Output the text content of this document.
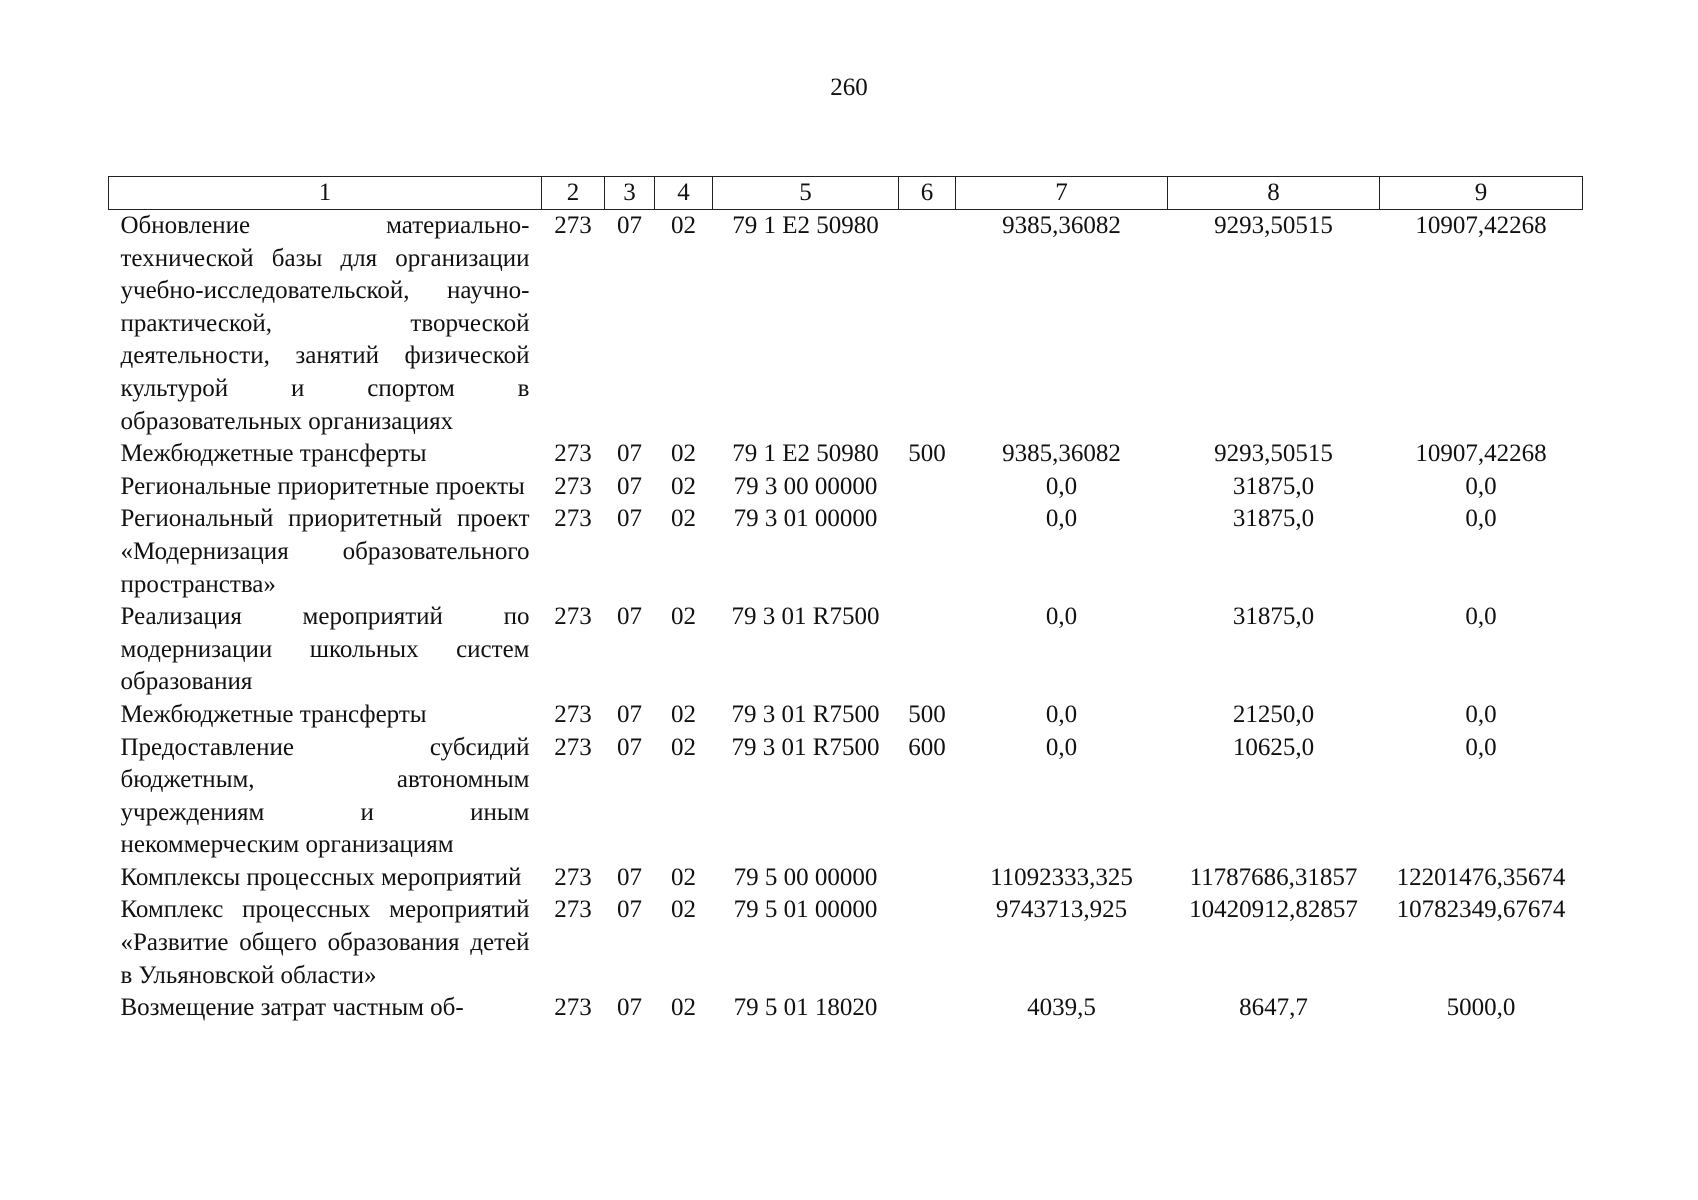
260
1	2	3	4	5	6	7	8	9
Обновление материально-технической базы для организации учебно-исследовательской, научно-практической, творческой деятельности, занятий физической культурой и спортом в образовательных организациях	273	07	02	79 1 E2 50980		9385,36082	9293,50515	10907,42268
Межбюджетные трансферты	273	07	02	79 1 E2 50980	500	9385,36082	9293,50515	10907,42268
Региональные приоритетные проекты	273	07	02	79 3 00 00000		0,0	31875,0	0,0
Региональный приоритетный проект «Модернизация образовательного пространства»	273	07	02	79 3 01 00000		0,0	31875,0	0,0
Реализация мероприятий по модернизации школьных систем образования	273	07	02	79 3 01 R7500		0,0	31875,0	0,0
Межбюджетные трансферты	273	07	02	79 3 01 R7500	500	0,0	21250,0	0,0
Предоставление субсидий бюджетным, автономным учреждениям и иным некоммерческим организациям	273	07	02	79 3 01 R7500	600	0,0	10625,0	0,0
Комплексы процессных мероприятий	273	07	02	79 5 00 00000		11092333,325	11787686,31857	12201476,35674
Комплекс процессных мероприятий «Развитие общего образования детей в Ульяновской области»	273	07	02	79 5 01 00000		9743713,925	10420912,82857	10782349,67674
Возмещение затрат частным об-	273	07	02	79 5 01 18020		4039,5	8647,7	5000,0
